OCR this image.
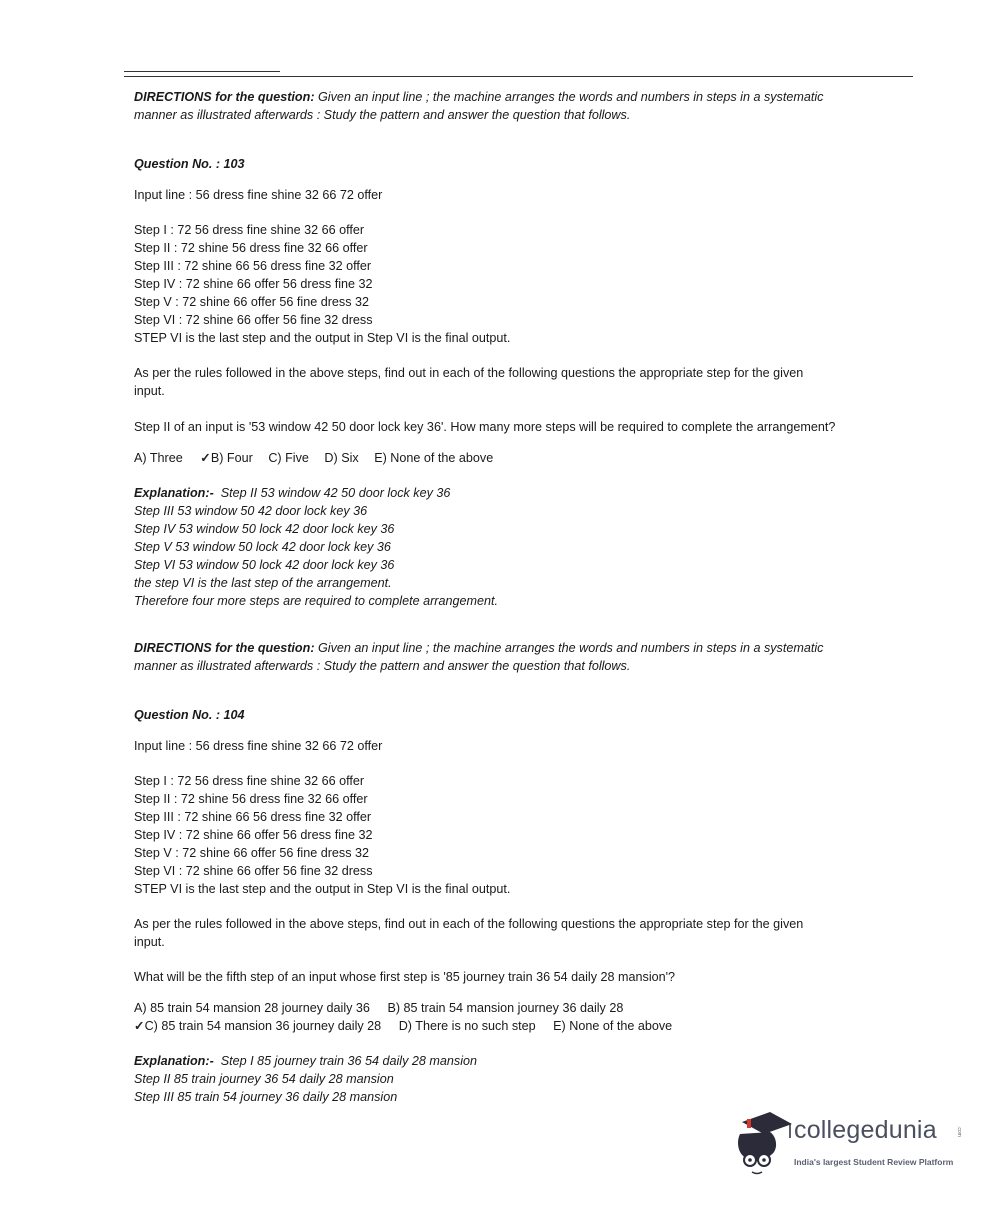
DIRECTIONS for the question: Given an input line ; the machine arranges the words and numbers in steps in a systematic
manner as illustrated afterwards : Study the pattern and answer the question that follows.
Question No. : 103
Input line : 56 dress fine shine 32 66 72 offer
Step I : 72 56 dress fine shine 32 66 offer
Step II : 72 shine 56 dress fine 32 66 offer
Step III : 72 shine 66 56 dress fine 32 offer
Step IV : 72 shine 66 offer 56 dress fine 32
Step V : 72 shine 66 offer 56 fine dress 32
Step VI : 72 shine 66 offer 56 fine 32 dress
STEP VI is the last step and the output in Step VI is the final output.
As per the rules followed in the above steps, find out in each of the following questions the appropriate step for the given
input.
Step II of an input is '53 window 42 50 door lock key 36'. How many more steps will be required to complete the arrangement?
A) Three ✓B) Four C) Five D) Six E) None of the above
Explanation:- Step II 53 window 42 50 door lock key 36
Step III 53 window 50 42 door lock key 36
Step IV 53 window 50 lock 42 door lock key 36
Step V 53 window 50 lock 42 door lock key 36
Step VI 53 window 50 lock 42 door lock key 36
the step VI is the last step of the arrangement.
Therefore four more steps are required to complete arrangement.
DIRECTIONS for the question: Given an input line ; the machine arranges the words and numbers in steps in a systematic
manner as illustrated afterwards : Study the pattern and answer the question that follows.
Question No. : 104
Input line : 56 dress fine shine 32 66 72 offer
Step I : 72 56 dress fine shine 32 66 offer
Step II : 72 shine 56 dress fine 32 66 offer
Step III : 72 shine 66 56 dress fine 32 offer
Step IV : 72 shine 66 offer 56 dress fine 32
Step V : 72 shine 66 offer 56 fine dress 32
Step VI : 72 shine 66 offer 56 fine 32 dress
STEP VI is the last step and the output in Step VI is the final output.
As per the rules followed in the above steps, find out in each of the following questions the appropriate step for the given
input.
What will be the fifth step of an input whose first step is '85 journey train 36 54 daily 28 mansion'?
A) 85 train 54 mansion 28 journey daily 36 B) 85 train 54 mansion journey 36 daily 28
✓C) 85 train 54 mansion 36 journey daily 28 D) There is no such step E) None of the above
Explanation:- Step I 85 journey train 36 54 daily 28 mansion
Step II 85 train journey 36 54 daily 28 mansion
Step III 85 train 54 journey 36 daily 28 mansion
collegedunia	.com
India's largest Student Review Platform
